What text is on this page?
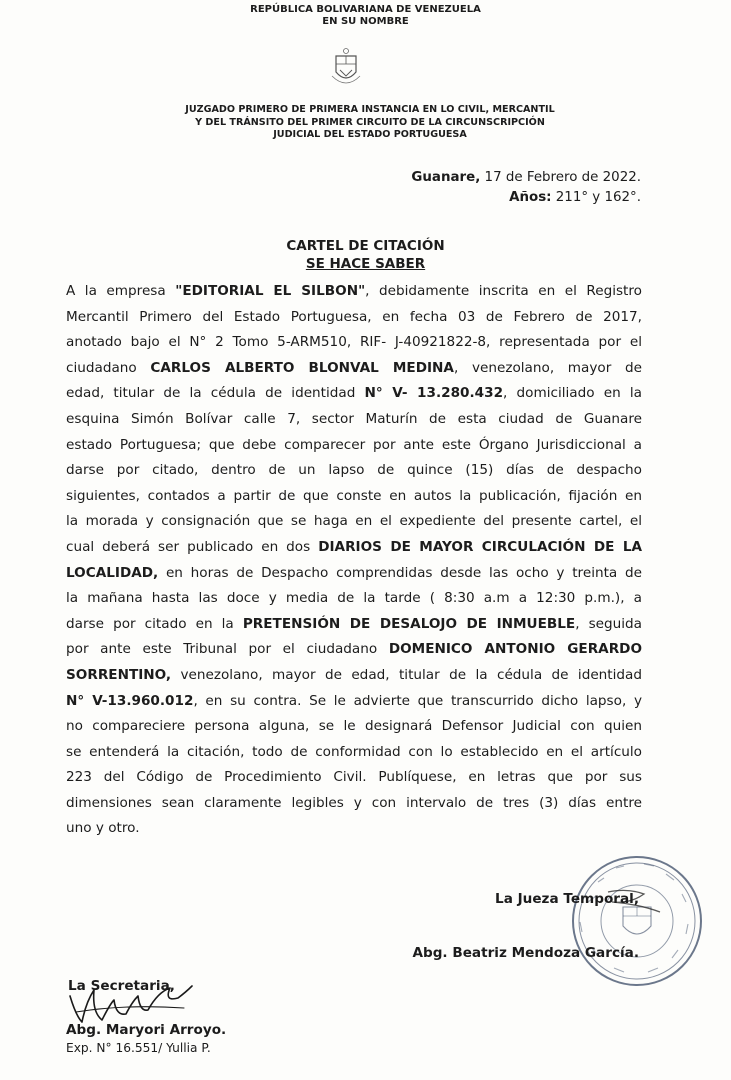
REPÚBLICA BOLIVARIANA DE VENEZUELA
EN SU NOMBRE
JUZGADO PRIMERO DE PRIMERA INSTANCIA EN LO CIVIL, MERCANTIL
Y DEL TRÁNSITO DEL PRIMER CIRCUITO DE LA CIRCUNSCRIPCIÓN
JUDICIAL DEL ESTADO PORTUGUESA
Guanare, 17 de Febrero de 2022.
Años: 211° y 162°.
CARTEL DE CITACIÓN
SE HACE SABER
A la empresa "EDITORIAL EL SILBON", debidamente inscrita en el Registro
Mercantil Primero del Estado Portuguesa, en fecha 03 de Febrero de 2017,
anotado bajo el N° 2 Tomo 5-ARM510, RIF- J-40921822-8, representada por el
ciudadano CARLOS ALBERTO BLONVAL MEDINA, venezolano, mayor de
edad, titular de la cédula de identidad N° V- 13.280.432, domiciliado en la
esquina Simón Bolívar calle 7, sector Maturín de esta ciudad de Guanare
estado Portuguesa; que debe comparecer por ante este Órgano Jurisdiccional a
darse por citado, dentro de un lapso de quince (15) días de despacho
siguientes, contados a partir de que conste en autos la publicación, fijación en
la morada y consignación que se haga en el expediente del presente cartel, el
cual deberá ser publicado en dos DIARIOS DE MAYOR CIRCULACIÓN DE LA
LOCALIDAD, en horas de Despacho comprendidas desde las ocho y treinta de
la mañana hasta las doce y media de la tarde ( 8:30 a.m a 12:30 p.m.), a
darse por citado en la PRETENSIÓN DE DESALOJO DE INMUEBLE, seguida
por ante este Tribunal por el ciudadano DOMENICO ANTONIO GERARDO
SORRENTINO, venezolano, mayor de edad, titular de la cédula de identidad
N° V-13.960.012, en su contra. Se le advierte que transcurrido dicho lapso, y
no compareciere persona alguna, se le designará Defensor Judicial con quien
se entenderá la citación, todo de conformidad con lo establecido en el artículo
223 del Código de Procedimiento Civil. Publíquese, en letras que por sus
dimensiones sean claramente legibles y con intervalo de tres (3) días entre
uno y otro.
La Jueza Temporal,
Abg. Beatriz Mendoza García.
La Secretaria,
Abg. Maryori Arroyo.
Exp. N° 16.551/ Yullia P.
